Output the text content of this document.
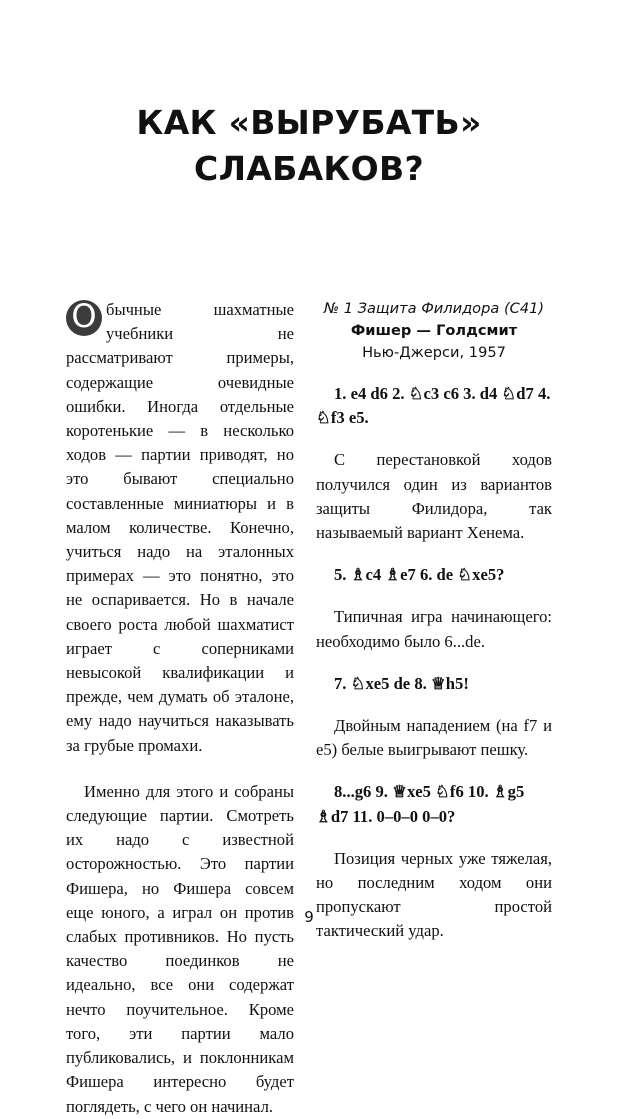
КАК «ВЫРУБАТЬ»
СЛАБАКОВ?

О бычные шахматные учебники не рассматривают примеры, содержащие очевидные ошибки. Иногда отдельные коротенькие — в несколько ходов — партии приводят, но это бывают специально составленные миниатюры и в малом количестве. Конечно, учиться надо на эталонных примерах — это понятно, это не оспаривается. Но в начале своего роста любой шахматист играет с соперниками невысокой квалификации и прежде, чем думать об эталоне, ему надо научиться наказывать за грубые промахи.

Именно для этого и собраны следующие партии. Смотреть их надо с известной осторожностью. Это партии Фишера, но Фишера совсем еще юного, а играл он против слабых противников. Но пусть качество поединков не идеально, все они содержат нечто поучительное. Кроме того, эти партии мало публиковались, и поклонникам Фишера интересно будет поглядеть, с чего он начинал.

№ 1 Защита Филидора (С41)
Фишер — Голдсмит
Нью-Джерси, 1957
1. e4 d6 2. ♘c3 c6 3. d4 ♘d7 4. ♘f3 e5.
С перестановкой ходов получился один из вариантов защиты Филидора, так называемый вариант Хенема.
5. ♗c4 ♗e7 6. de ♘xe5?
Типичная игра начинающего: необходимо было 6...de.
7. ♘xe5 de 8. ♕h5!
Двойным нападением (на f7 и е5) белые выигрывают пешку.
8...g6 9. ♕xe5 ♘f6 10. ♗g5 ♗d7 11. 0–0–0 0–0?
Позиция черных уже тяжелая, но последним ходом они пропускают простой тактический удар.
9
